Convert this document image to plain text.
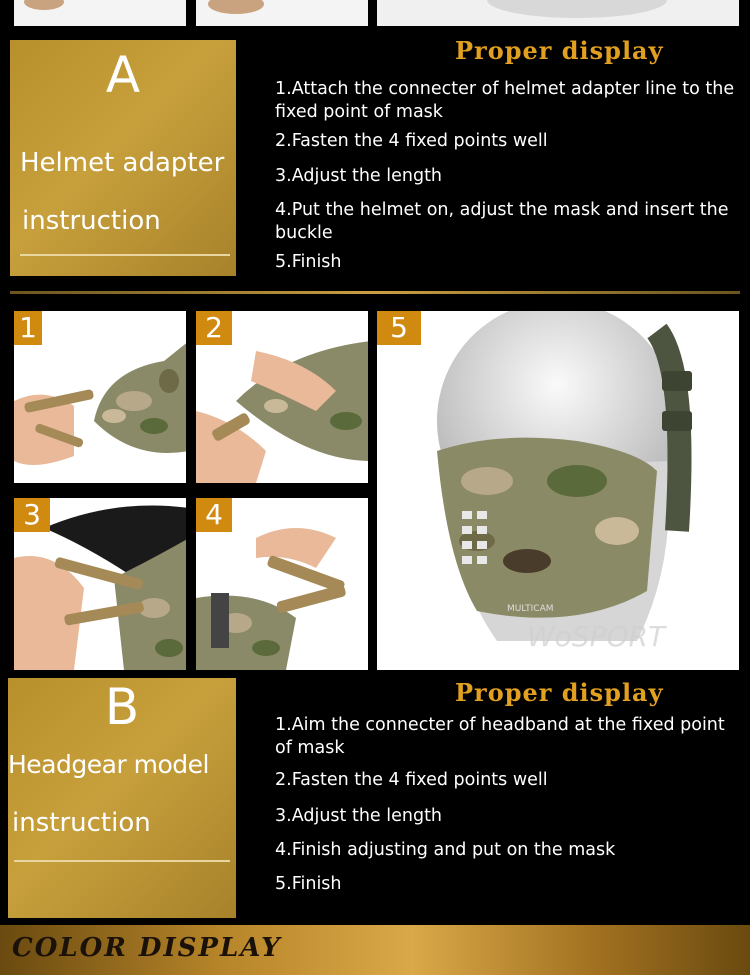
A
Helmet adapter
instruction
Proper display
1.Attach the connecter of helmet adapter line to the fixed point of mask
2.Fasten the 4 fixed points well
3.Adjust the length
4.Put the helmet on, adjust the mask and insert the buckle
5.Finish
1	2
3	4
MULTICAM
WoSPORT
5
B
Headgear model
instruction
Proper display
1.Aim the connecter of headband at the fixed point of mask
2.Fasten the 4 fixed points well
3.Adjust the length
4.Finish adjusting and put on the mask
5.Finish
COLOR DISPLAY
